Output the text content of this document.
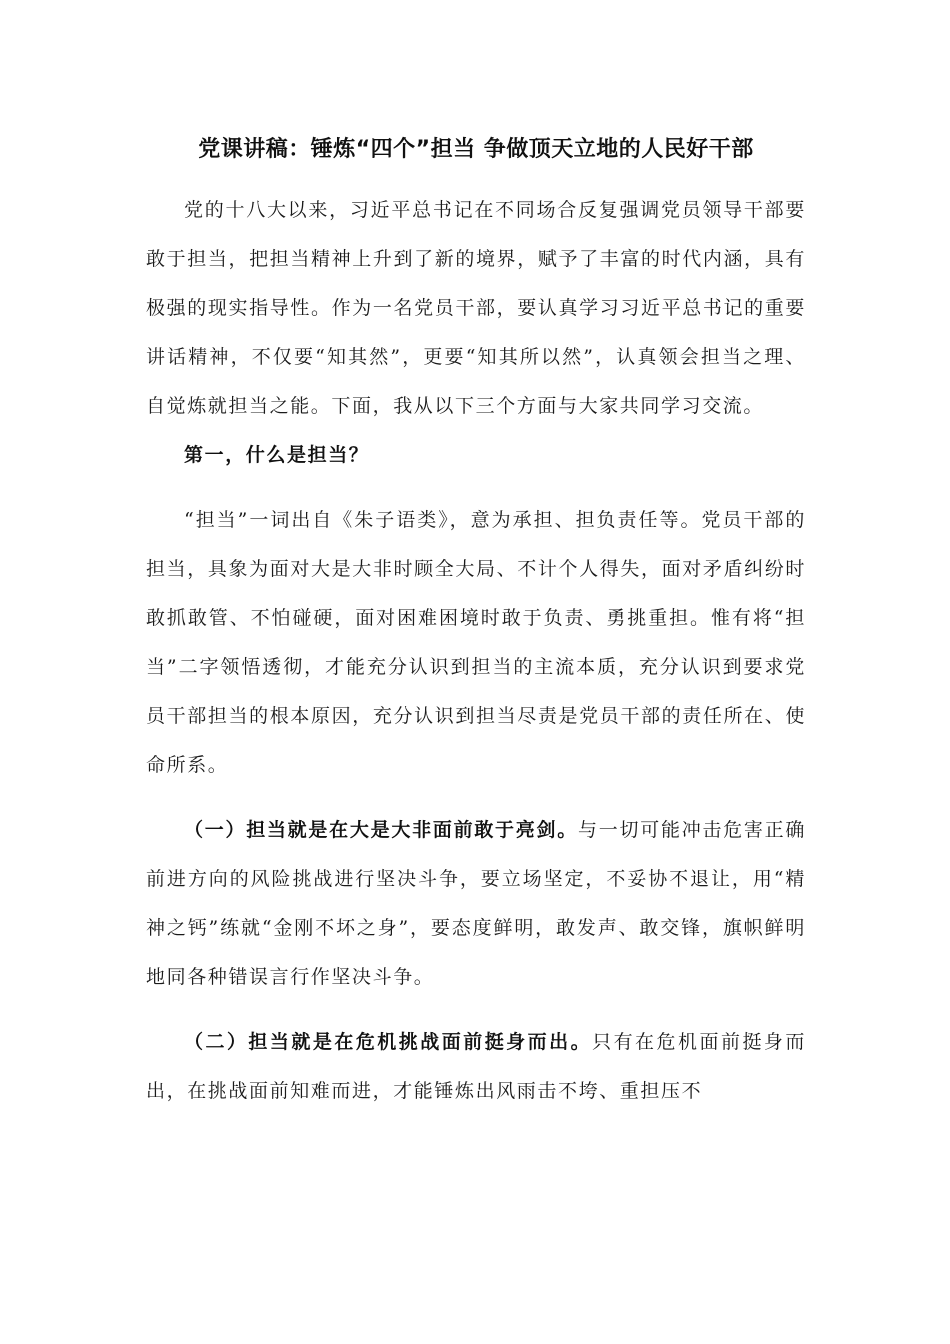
党课讲稿：锤炼“四个”担当 争做顶天立地的人民好干部

党的十八大以来，习近平总书记在不同场合反复强调党员领导干部要敢于担当，把担当精神上升到了新的境界，赋予了丰富的时代内涵，具有极强的现实指导性。作为一名党员干部，要认真学习习近平总书记的重要讲话精神，不仅要“知其然”，更要“知其所以然”，认真领会担当之理、自觉炼就担当之能。下面，我从以下三个方面与大家共同学习交流。

第一，什么是担当？

“担当”一词出自《朱子语类》，意为承担、担负责任等。党员干部的担当，具象为面对大是大非时顾全大局、不计个人得失，面对矛盾纠纷时敢抓敢管、不怕碰硬，面对困难困境时敢于负责、勇挑重担。惟有将“担当”二字领悟透彻，才能充分认识到担当的主流本质，充分认识到要求党员干部担当的根本原因，充分认识到担当尽责是党员干部的责任所在、使命所系。

（一）担当就是在大是大非面前敢于亮剑。与一切可能冲击危害正确前进方向的风险挑战进行坚决斗争，要立场坚定，不妥协不退让，用“精神之钙”练就“金刚不坏之身”，要态度鲜明，敢发声、敢交锋，旗帜鲜明地同各种错误言行作坚决斗争。

（二）担当就是在危机挑战面前挺身而出。只有在危机面前挺身而出，在挑战面前知难而进，才能锤炼出风雨击不垮、重担压不
